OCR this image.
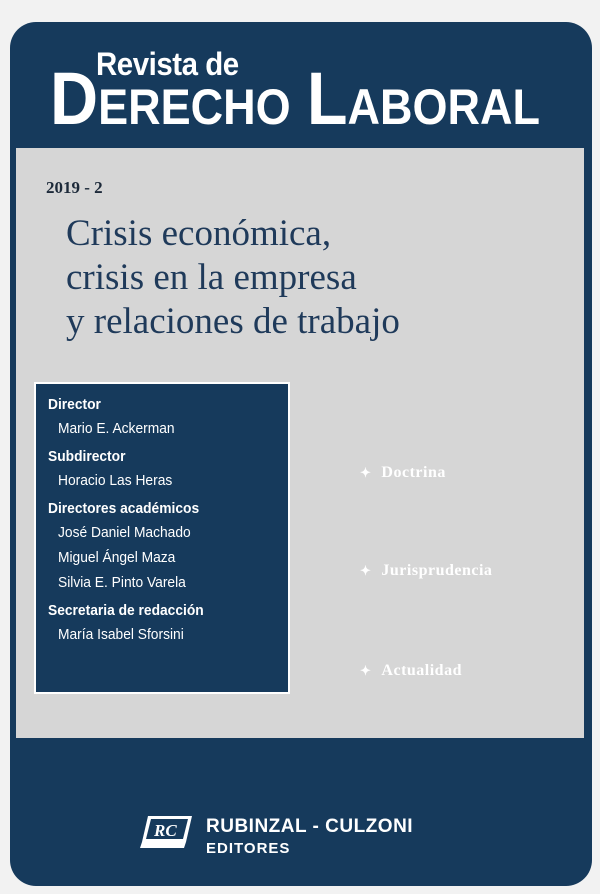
Revista de
DERECHO LABORAL
2019 - 2
Crisis económica,
crisis en la empresa
y relaciones de trabajo
Director
Mario E. Ackerman
Subdirector
Horacio Las Heras
Directores académicos
José Daniel Machado
Miguel Ángel Maza
Silvia E. Pinto Varela
Secretaria de redacción
María Isabel Sforsini
✦ Doctrina
✦ Jurisprudencia
✦ Actualidad
RC RUBINZAL - CULZONI
EDITORES
